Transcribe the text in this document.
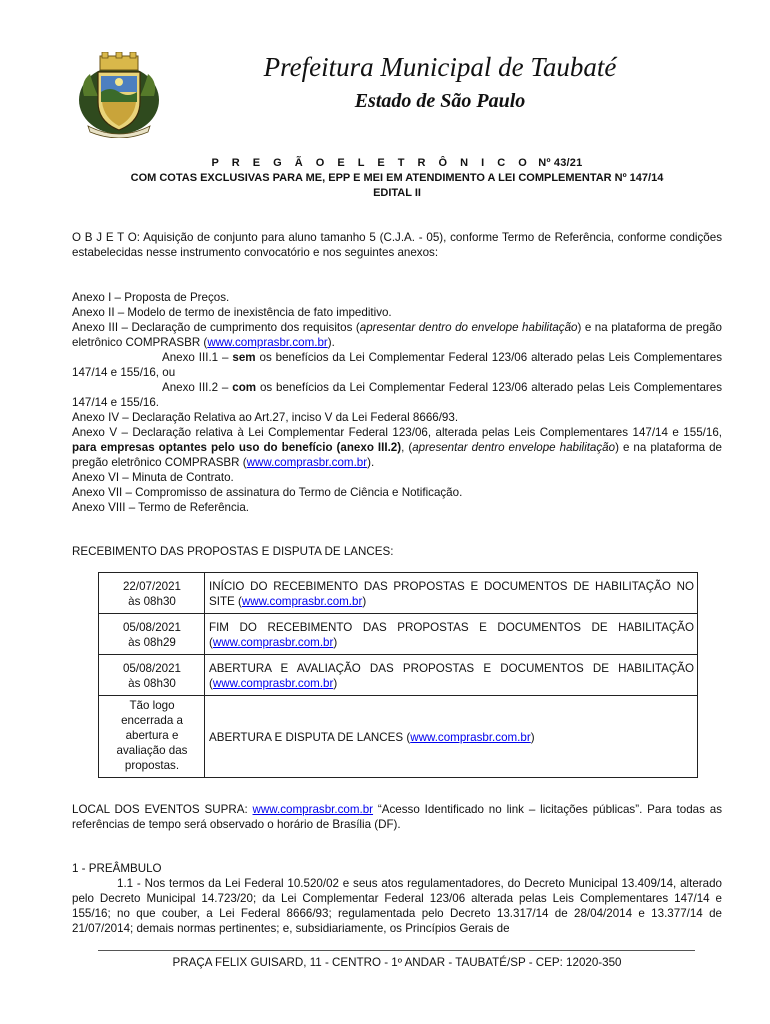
Prefeitura Municipal de Taubaté
Estado de São Paulo
P R E G Ã O E L E T R Ô N I C O Nº 43/21
COM COTAS EXCLUSIVAS PARA ME, EPP E MEI EM ATENDIMENTO A LEI COMPLEMENTAR Nº 147/14
EDITAL II
O B J E T O: Aquisição de conjunto para aluno tamanho 5 (C.J.A. - 05), conforme Termo de Referência, conforme condições estabelecidas nesse instrumento convocatório e nos seguintes anexos:
Anexo I – Proposta de Preços.
Anexo II – Modelo de termo de inexistência de fato impeditivo.
Anexo III – Declaração de cumprimento dos requisitos (apresentar dentro do envelope habilitação) e na plataforma de pregão eletrônico COMPRASBR (www.comprasbr.com.br).
Anexo III.1 – sem os benefícios da Lei Complementar Federal 123/06 alterado pelas Leis Complementares 147/14 e 155/16, ou
Anexo III.2 – com os benefícios da Lei Complementar Federal 123/06 alterado pelas Leis Complementares 147/14 e 155/16.
Anexo IV – Declaração Relativa ao Art.27, inciso V da Lei Federal 8666/93.
Anexo V – Declaração relativa à Lei Complementar Federal 123/06, alterada pelas Leis Complementares 147/14 e 155/16, para empresas optantes pelo uso do benefício (anexo III.2), (apresentar dentro envelope habilitação) e na plataforma de pregão eletrônico COMPRASBR (www.comprasbr.com.br).
Anexo VI – Minuta de Contrato.
Anexo VII – Compromisso de assinatura do Termo de Ciência e Notificação.
Anexo VIII – Termo de Referência.
RECEBIMENTO DAS PROPOSTAS E DISPUTA DE LANCES:
22/07/2021
às 08h30	INÍCIO DO RECEBIMENTO DAS PROPOSTAS E DOCUMENTOS DE HABILITAÇÃO NO SITE (www.comprasbr.com.br)

05/08/2021
às 08h29	FIM DO RECEBIMENTO DAS PROPOSTAS E DOCUMENTOS DE HABILITAÇÃO (www.comprasbr.com.br)

05/08/2021
às 08h30	ABERTURA E AVALIAÇÃO DAS PROPOSTAS E DOCUMENTOS DE HABILITAÇÃO (www.comprasbr.com.br)

Tão logo encerrada a abertura e avaliação das propostas.	ABERTURA E DISPUTA DE LANCES (www.comprasbr.com.br)
LOCAL DOS EVENTOS SUPRA: www.comprasbr.com.br “Acesso Identificado no link – licitações públicas”. Para todas as referências de tempo será observado o horário de Brasília (DF).
1 - PREÂMBULO
1.1 - Nos termos da Lei Federal 10.520/02 e seus atos regulamentadores, do Decreto Municipal 13.409/14, alterado pelo Decreto Municipal 14.723/20; da Lei Complementar Federal 123/06 alterada pelas Leis Complementares 147/14 e 155/16; no que couber, a Lei Federal 8666/93; regulamentada pelo Decreto 13.317/14 de 28/04/2014 e 13.377/14 de 21/07/2014; demais normas pertinentes; e, subsidiariamente, os Princípios Gerais de
PRAÇA FELIX GUISARD, 11 - CENTRO - 1º ANDAR - TAUBATÉ/SP - CEP: 12020-350
